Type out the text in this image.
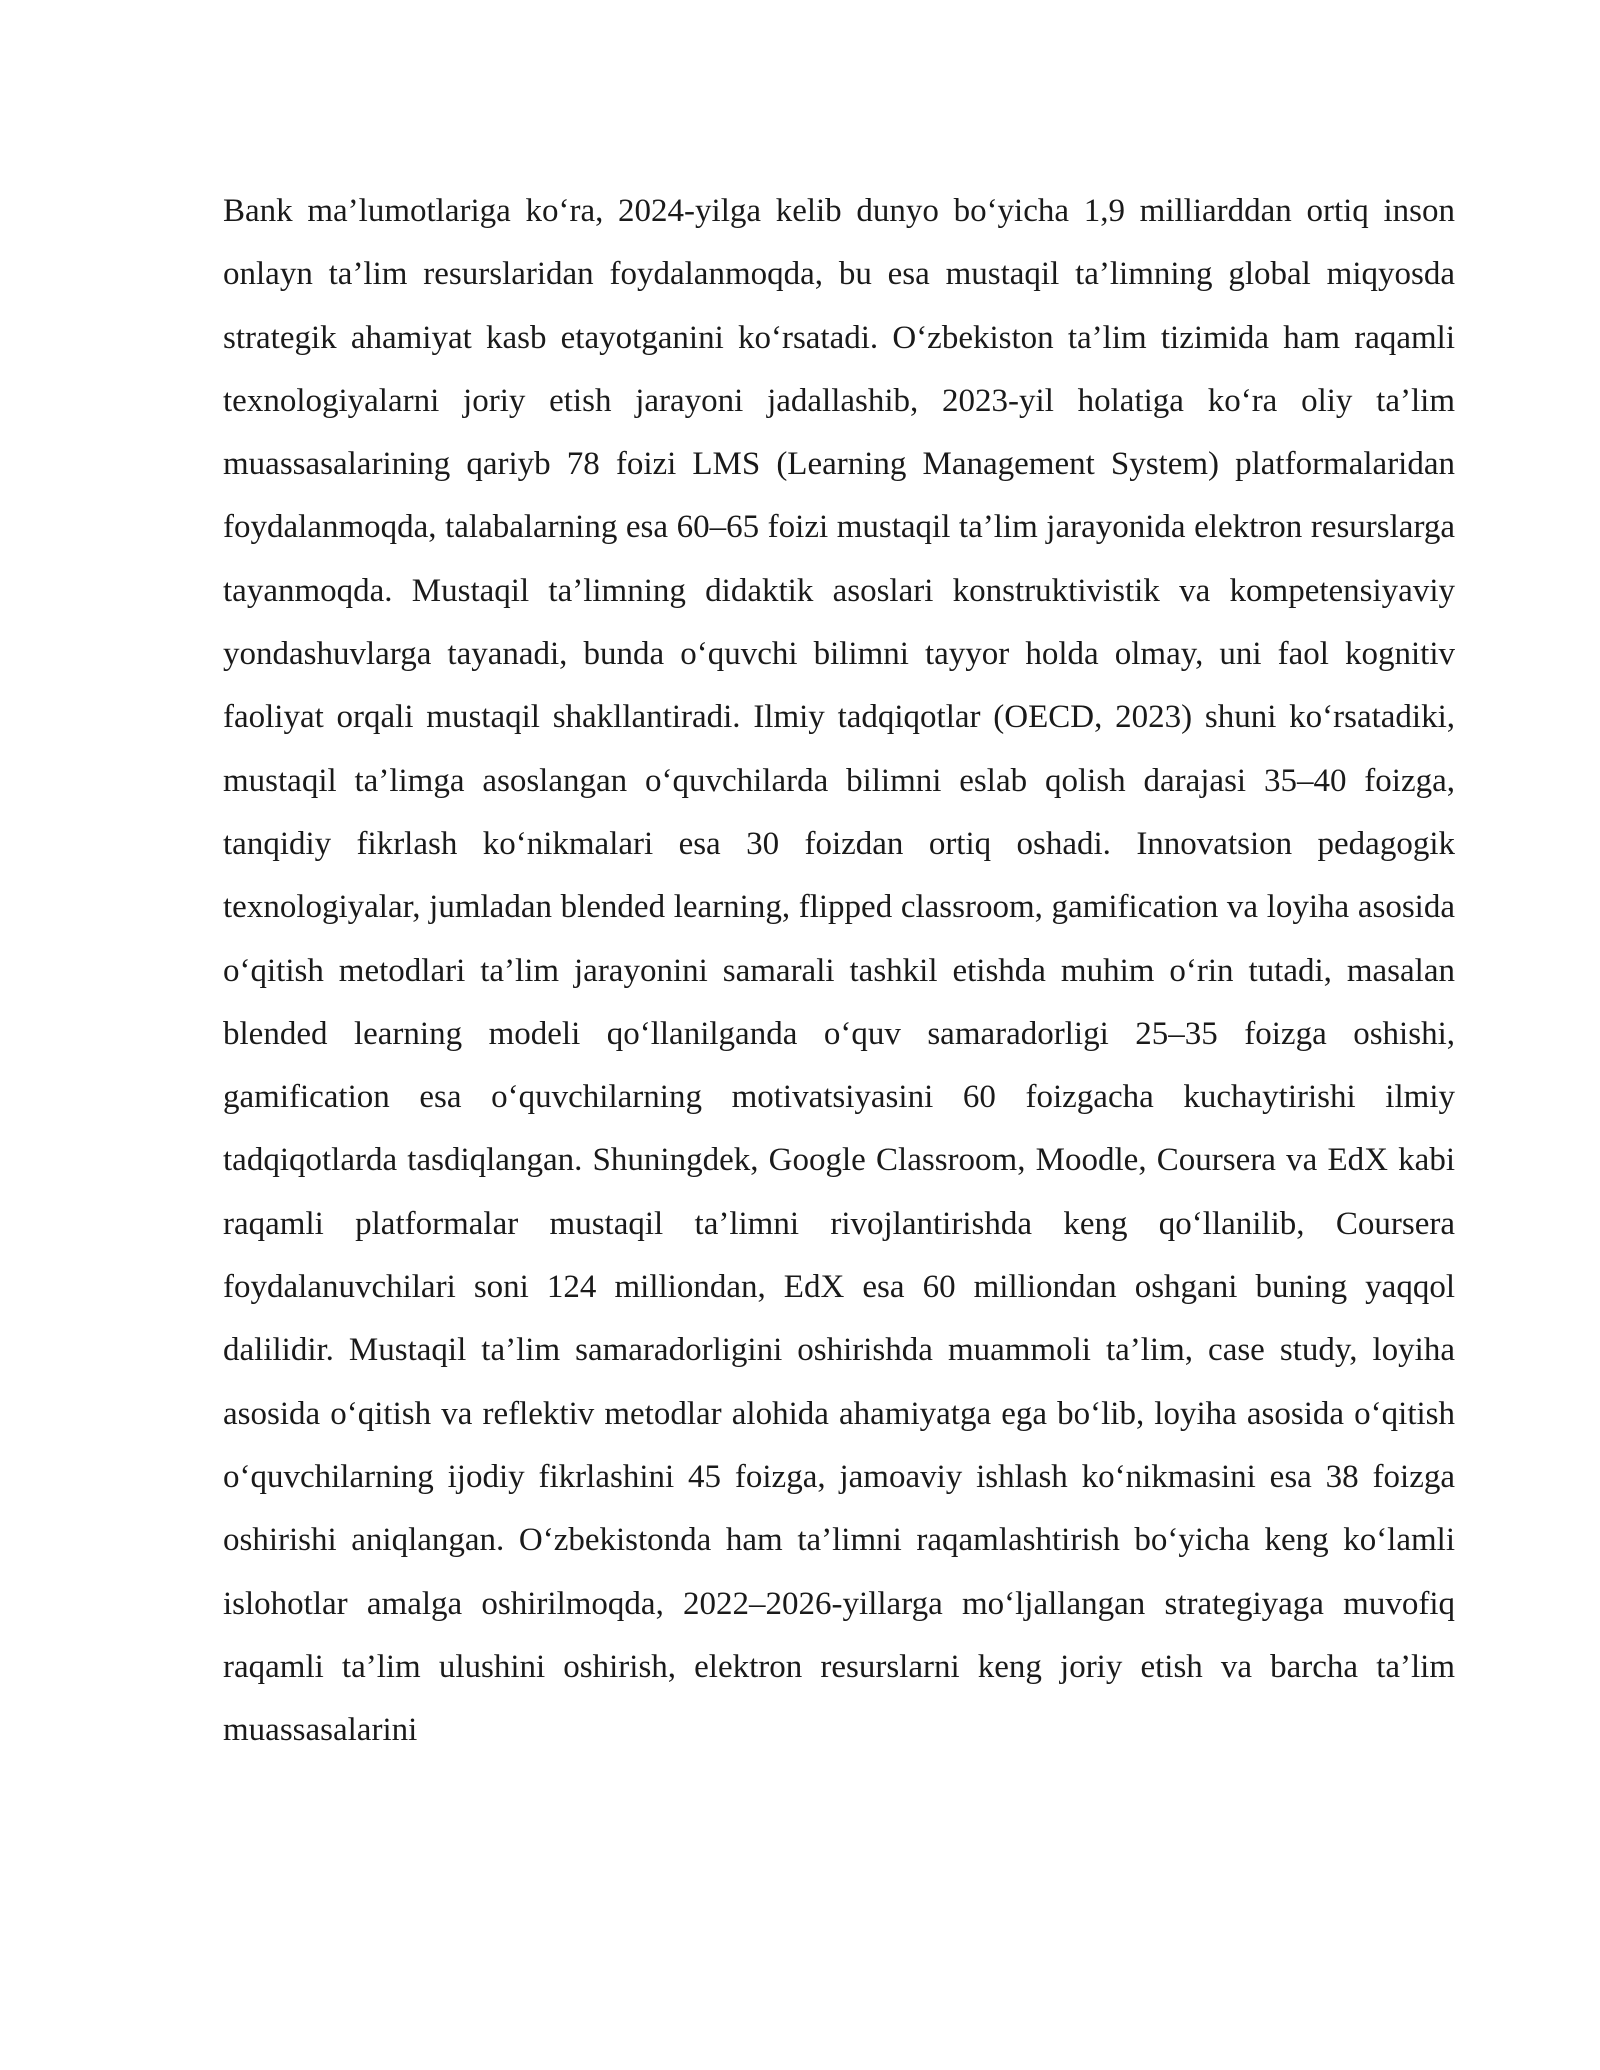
Bank ma’lumotlariga ko‘ra, 2024-yilga kelib dunyo bo‘yicha 1,9 milliarddan ortiq inson onlayn ta’lim resurslaridan foydalanmoqda, bu esa mustaqil ta’limning global miqyosda strategik ahamiyat kasb etayotganini ko‘rsatadi. O‘zbekiston ta’lim tizimida ham raqamli texnologiyalarni joriy etish jarayoni jadallashib, 2023-yil holatiga ko‘ra oliy ta’lim muassasalarining qariyb 78 foizi LMS (Learning Management System) platformalaridan foydalanmoqda, talabalarning esa 60–65 foizi mustaqil ta’lim jarayonida elektron resurslarga tayanmoqda. Mustaqil ta’limning didaktik asoslari konstruktivistik va kompetensiyaviy yondashuvlarga tayanadi, bunda o‘quvchi bilimni tayyor holda olmay, uni faol kognitiv faoliyat orqali mustaqil shakllantiradi. Ilmiy tadqiqotlar (OECD, 2023) shuni ko‘rsatadiki, mustaqil ta’limga asoslangan o‘quvchilarda bilimni eslab qolish darajasi 35–40 foizga, tanqidiy fikrlash ko‘nikmalari esa 30 foizdan ortiq oshadi. Innovatsion pedagogik texnologiyalar, jumladan blended learning, flipped classroom, gamification va loyiha asosida o‘qitish metodlari ta’lim jarayonini samarali tashkil etishda muhim o‘rin tutadi, masalan blended learning modeli qo‘llanilganda o‘quv samaradorligi 25–35 foizga oshishi, gamification esa o‘quvchilarning motivatsiyasini 60 foizgacha kuchaytirishi ilmiy tadqiqotlarda tasdiqlangan. Shuningdek, Google Classroom, Moodle, Coursera va EdX kabi raqamli platformalar mustaqil ta’limni rivojlantirishda keng qo‘llanilib, Coursera foydalanuvchilari soni 124 milliondan, EdX esa 60 milliondan oshgani buning yaqqol dalilidir. Mustaqil ta’lim samaradorligini oshirishda muammoli ta’lim, case study, loyiha asosida o‘qitish va reflektiv metodlar alohida ahamiyatga ega bo‘lib, loyiha asosida o‘qitish o‘quvchilarning ijodiy fikrlashini 45 foizga, jamoaviy ishlash ko‘nikmasini esa 38 foizga oshirishi aniqlangan. O‘zbekistonda ham ta’limni raqamlashtirish bo‘yicha keng ko‘lamli islohotlar amalga oshirilmoqda, 2022–2026-yillarga mo‘ljallangan strategiyaga muvofiq raqamli ta’lim ulushini oshirish, elektron resurslarni keng joriy etish va barcha ta’lim muassasalarini
